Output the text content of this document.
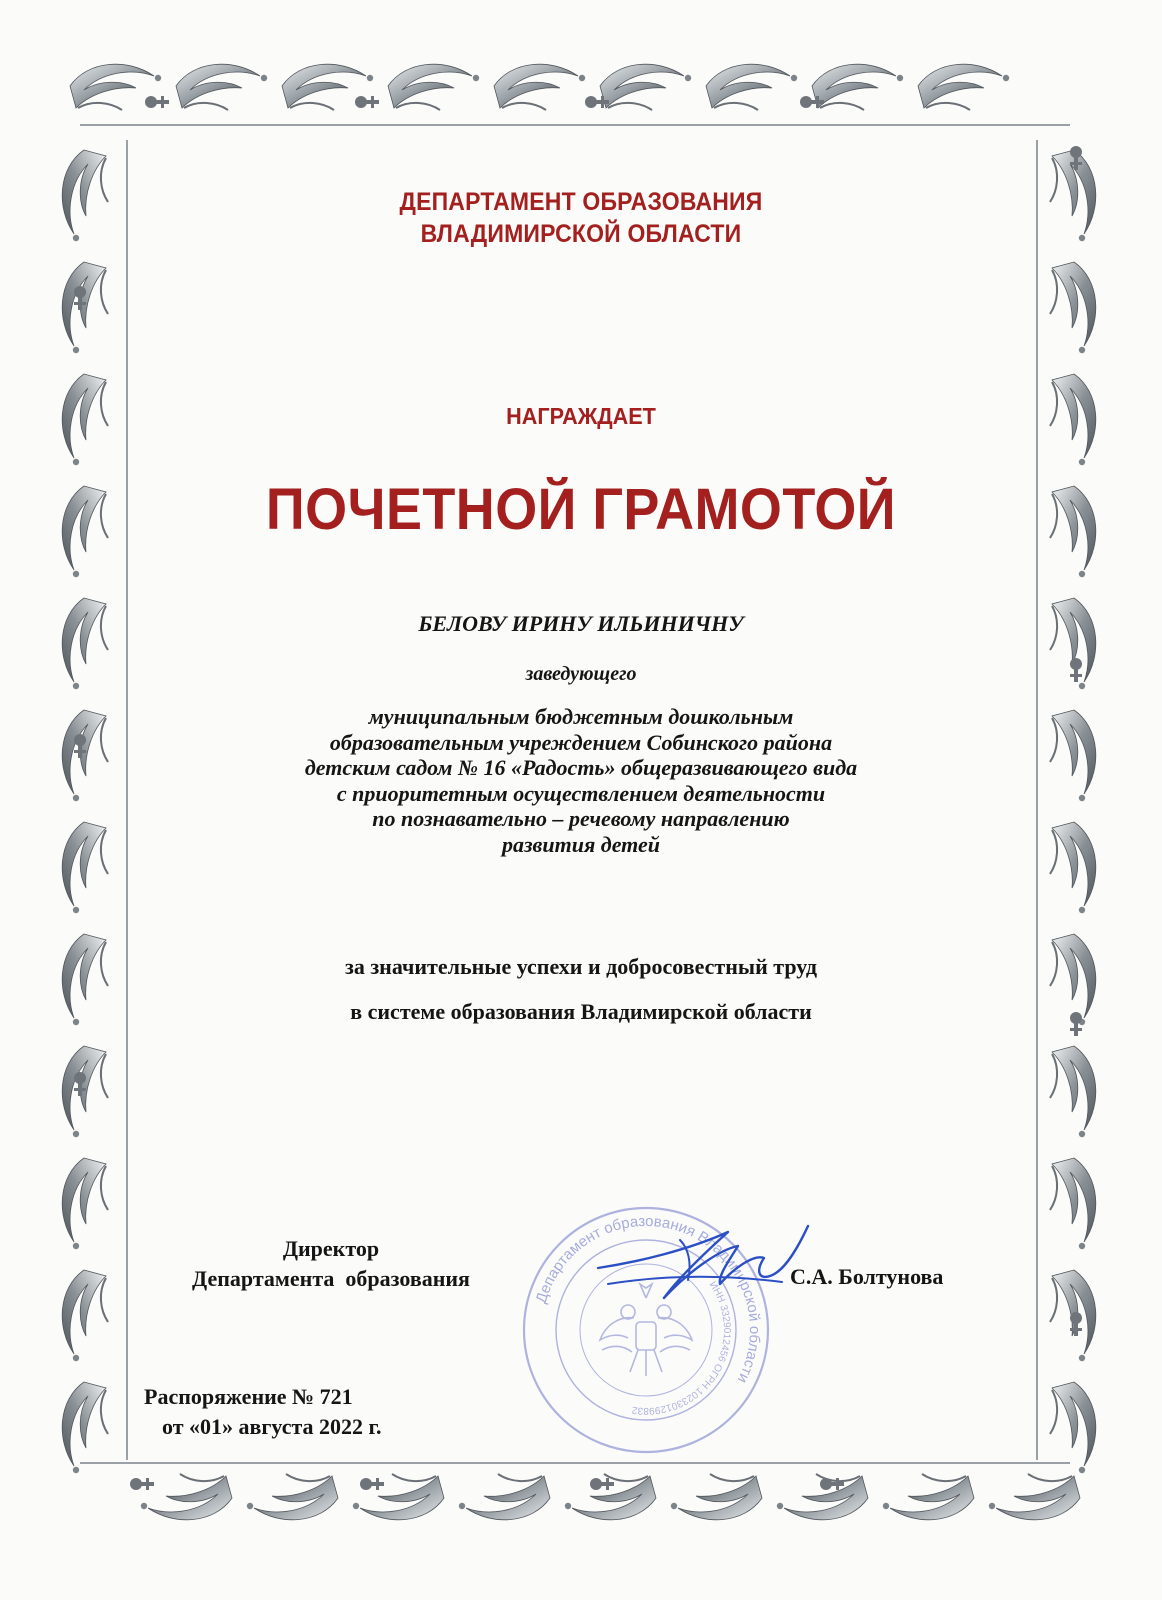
ДЕПАРТАМЕНТ ОБРАЗОВАНИЯ
ВЛАДИМИРСКОЙ ОБЛАСТИ
НАГРАЖДАЕТ
ПОЧЕТНОЙ ГРАМОТОЙ
БЕЛОВУ ИРИНУ ИЛЬИНИЧНУ
заведующего
муниципальным бюджетным дошкольным
образовательным учреждением Собинского района
детским садом № 16 «Радость» общеразвивающего вида
с приоритетным осуществлением деятельности
по познавательно – речевому направлению
развития детей
за значительные успехи и добросовестный труд
в системе образования Владимирской области
Департамент образования Владимирской области
ИНН 3329012456 ОГРН 1023301299832
Директор
Департамента  образования	С.А. Болтунова
Распоряжение № 721
от «01» августа 2022 г.
